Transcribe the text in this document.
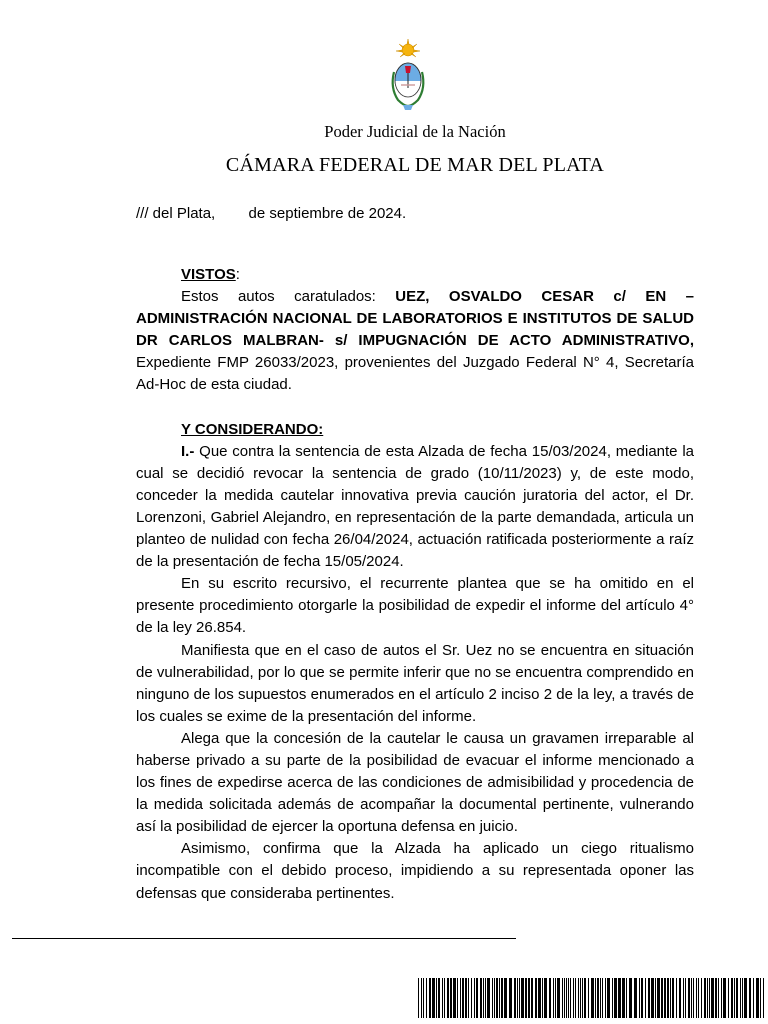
Poder Judicial de la Nación
CÁMARA FEDERAL DE MAR DEL PLATA
/// del Plata,        de septiembre de 2024.

VISTOS:

Estos autos caratulados: UEZ, OSVALDO CESAR c/ EN –ADMINISTRACIÓN NACIONAL DE LABORATORIOS E INSTITUTOS DE SALUD DR CARLOS MALBRAN- s/ IMPUGNACIÓN DE ACTO ADMINISTRATIVO, Expediente FMP 26033/2023, provenientes del Juzgado Federal N° 4, Secretaría Ad-Hoc de esta ciudad.

Y CONSIDERANDO:

I.- Que contra la sentencia de esta Alzada de fecha 15/03/2024, mediante la cual se decidió revocar la sentencia de grado (10/11/2023) y, de este modo, conceder la medida cautelar innovativa previa caución juratoria del actor, el Dr. Lorenzoni, Gabriel Alejandro, en representación de la parte demandada, articula un planteo de nulidad con fecha 26/04/2024, actuación ratificada posteriormente a raíz de la presentación de fecha 15/05/2024.

En su escrito recursivo, el recurrente plantea que se ha omitido en el presente procedimiento otorgarle la posibilidad de expedir el informe del artículo 4° de la ley 26.854.

Manifiesta que en el caso de autos el Sr. Uez no se encuentra en situación de vulnerabilidad, por lo que se permite inferir que no se encuentra comprendido en ninguno de los supuestos enumerados en el artículo 2 inciso 2 de la ley, a través de los cuales se exime de la presentación del informe.

Alega que la concesión de la cautelar le causa un gravamen irreparable al haberse privado a su parte de la posibilidad de evacuar el informe mencionado a los fines de expedirse acerca de las condiciones de admisibilidad y procedencia de la medida solicitada además de acompañar la documental pertinente, vulnerando así la posibilidad de ejercer la oportuna defensa en juicio.

Asimismo, confirma que la Alzada ha aplicado un ciego ritualismo incompatible con el debido proceso, impidiendo a su representada oponer las defensas que consideraba pertinentes.
